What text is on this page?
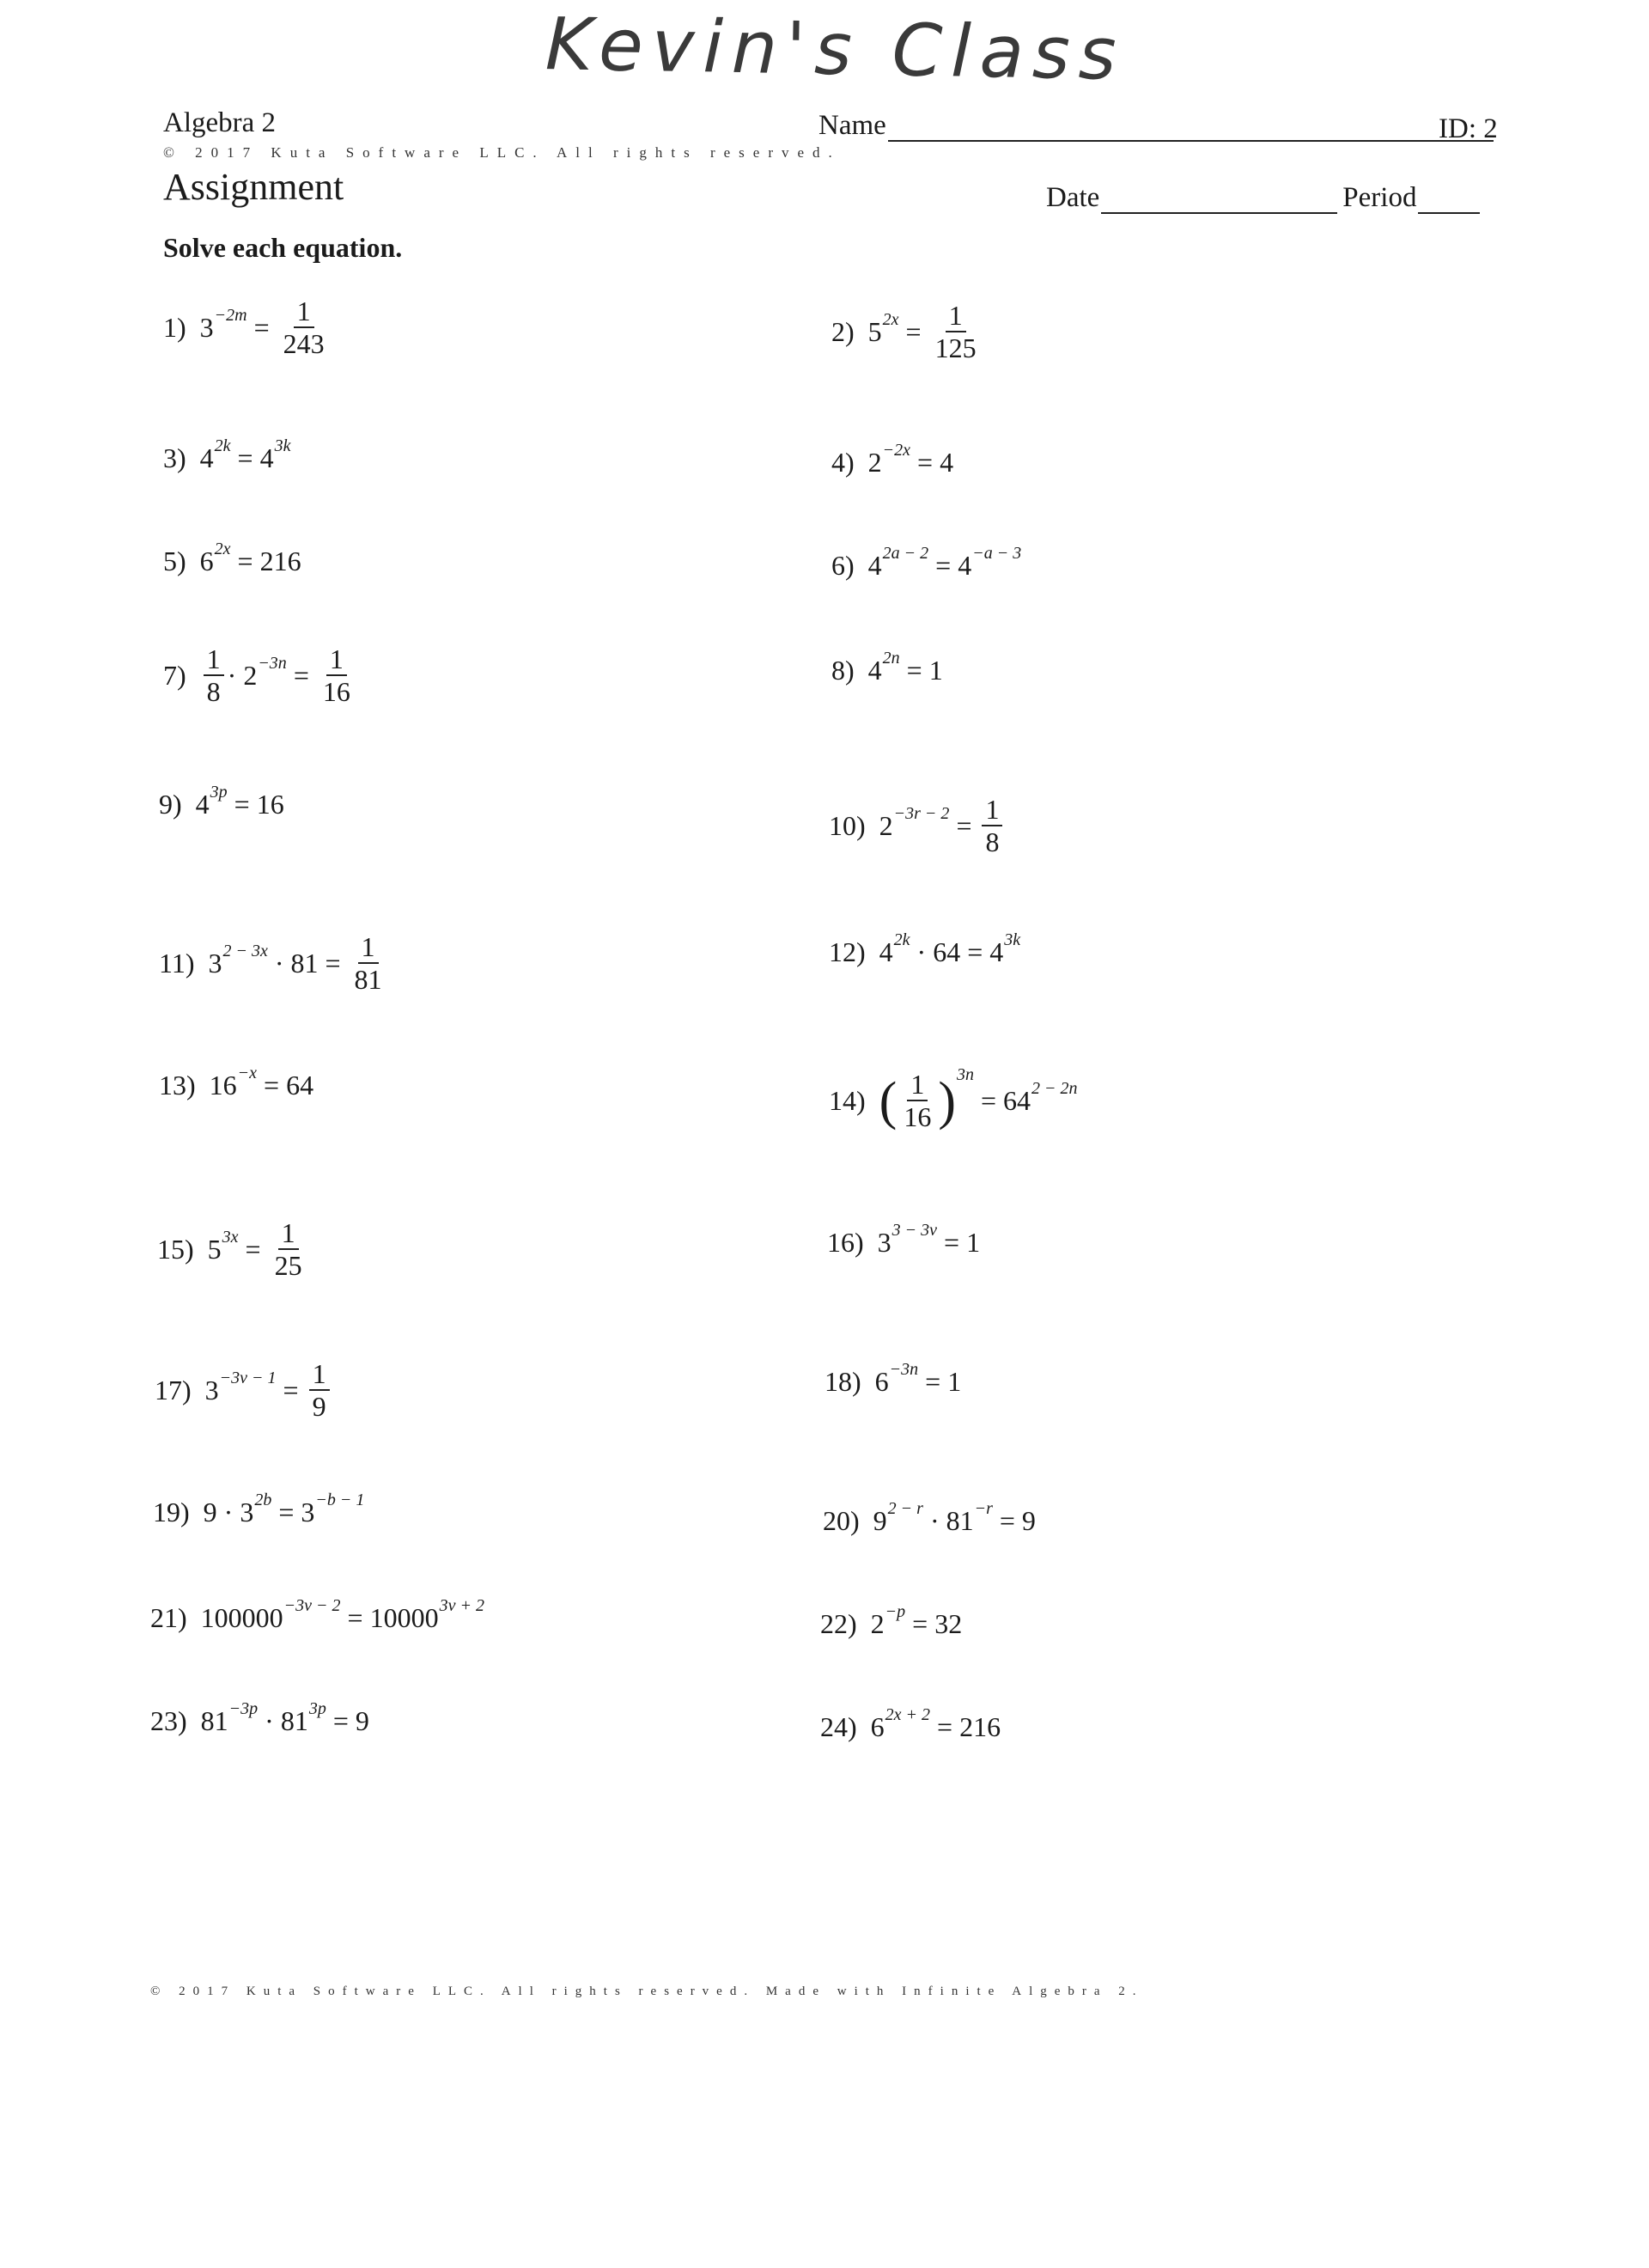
Kevin's Class
Algebra 2
© 2017 Kuta Software LLC. All rights reserved.
Assignment
Name	ID: 2
Date	Period
Solve each equation.
1) $3^{-2m} = \frac{1}{243}$	2) $5^{2x} = \frac{1}{125}$
3) $4^{2k} = 4^{3k}$
4) $2^{-2x} = 4$
5) $6^{2x} = 216$	6) $4^{2a - 2} = 4^{-a - 3}$
$7) \frac{1}{8} \cdot 2^{-3n} = \frac{1}{16}$	8) $4^{2n} = 1$
9) $4^{3p} = 16$
10) $2^{-3r - 2} = \frac{1}{8}$
11) $3^{2 - 3x} \cdot 81 = \frac{1}{81}$	12) $4^{2k} \cdot 64 = 4^{3k}$
13) $16^{-x} = 64$
14) ( $\frac{1}{16} )^{3n}$
= $64^{2 - 2n}$
15) $5^{3x} = \frac{1}{25}$	16) $3^{3 - 3v} = 1$
17) $3^{-3v - 1} = \frac{1}{9}$	18) $6^{-3n} = 1$
19) $9 \cdot 3^{2b} = 3^{-b - 1}$
20) $9^{2 - r} \cdot 81^{-r} = 9$
21) $100000^{-3v - 2} = 10000^{3v + 2}$
22) $2^{-p} = 32$
23) $81^{-3p} \cdot 81^{3p} = 9$	24) $6^{2x + 2} = 216$
© 2017 Kuta Software LLC. All rights reserved. Made with Infinite Algebra 2.
